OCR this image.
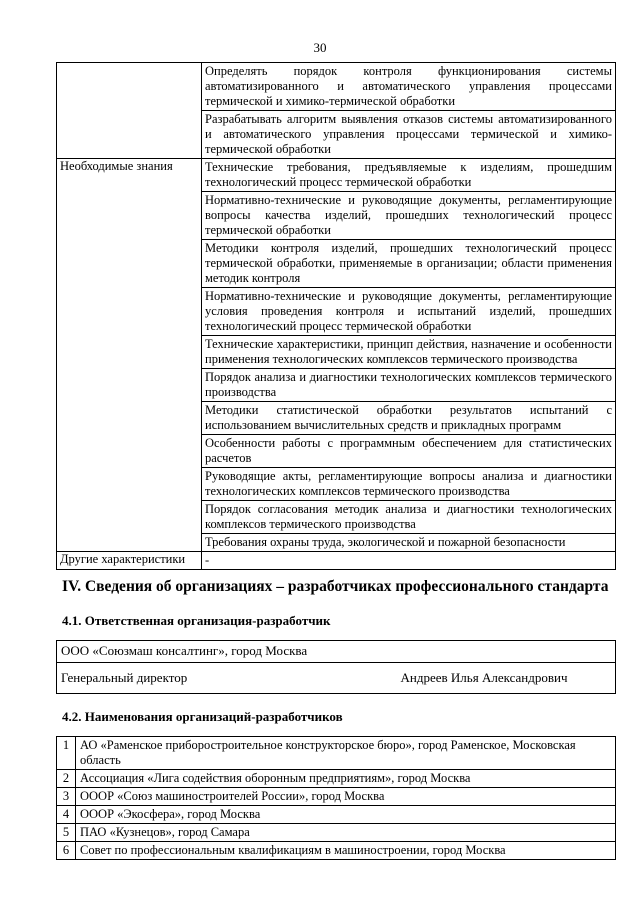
30
	Определять порядок контроля функционирования системы автоматизированного и автоматического управления процессами термической и химико-термической обработки
	Разрабатывать алгоритм выявления отказов системы автоматизированного и автоматического управления процессами термической и химико-термической обработки
Необходимые знания	Технические требования, предъявляемые к изделиям, прошедшим технологический процесс термической обработки
	Нормативно-технические и руководящие документы, регламентирующие вопросы качества изделий, прошедших технологический процесс термической обработки
	Методики контроля изделий, прошедших технологический процесс термической обработки, применяемые в организации; области применения методик контроля
	Нормативно-технические и руководящие документы, регламентирующие условия проведения контроля и испытаний изделий, прошедших технологический процесс термической обработки
	Технические характеристики, принцип действия, назначение и особенности применения технологических комплексов термического производства
	Порядок анализа и диагностики технологических комплексов термического производства
	Методики статистической обработки результатов испытаний с использованием вычислительных средств и прикладных программ
	Особенности работы с программным обеспечением для статистических расчетов
	Руководящие акты, регламентирующие вопросы анализа и диагностики технологических комплексов термического производства
	Порядок согласования методик анализа и диагностики технологических комплексов термического производства
	Требования охраны труда, экологической и пожарной безопасности
Другие характеристики	-
IV. Сведения об организациях – разработчиках профессионального стандарта
4.1. Ответственная организация-разработчик
ООО «Союзмаш консалтинг», город Москва
Генеральный директор	Андреев Илья Александрович
4.2. Наименования организаций-разработчиков
1	АО «Раменское приборостроительное конструкторское бюро», город Раменское, Московская область
2	Ассоциация «Лига содействия оборонным предприятиям», город Москва
3	ОООР «Союз машиностроителей России», город Москва
4	ОООР «Экосфера», город Москва
5	ПАО «Кузнецов», город Самара
6	Совет по профессиональным квалификациям в машиностроении, город Москва
